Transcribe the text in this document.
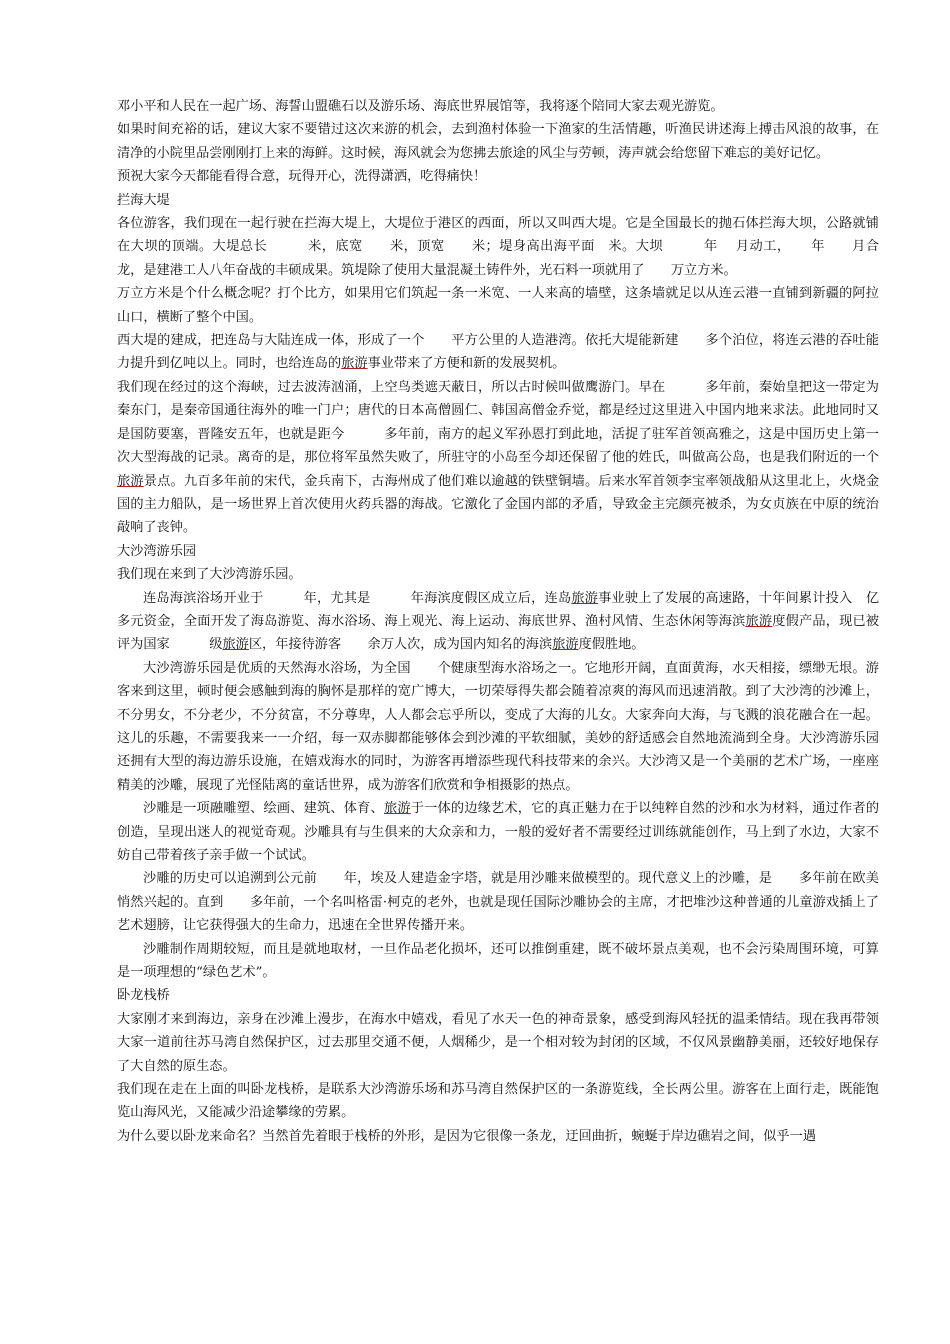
邓小平和人民在一起广场、海誓山盟礁石以及游乐场、海底世界展馆等，我将逐个陪同大家去观光游览。

如果时间充裕的话，建议大家不要错过这次来游的机会，去到渔村体验一下渔家的生活情趣，听渔民讲述海上搏击风浪的故事，在清净的小院里品尝刚刚打上来的海鲜。这时候，海风就会为您拂去旅途的风尘与劳顿，涛声就会给您留下难忘的美好记忆。

预祝大家今天都能看得合意，玩得开心，洗得潇洒，吃得痛快！

拦海大堤

各位游客，我们现在一起行驶在拦海大堤上，大堤位于港区的西面，所以又叫西大堤。它是全国最长的抛石体拦海大坝，公路就铺在大坝的顶端。大堤总长　　　米，底宽　　米，顶宽　　米；堤身高出海平面　米。大坝　　　年　 月动工，　　年　　月合龙，是建港工人八年奋战的丰硕成果。筑堤除了使用大量混凝土铸件外，光石料一项就用了　　万立方米。

万立方米是个什么概念呢？打个比方，如果用它们筑起一条一米宽、一人来高的墙壁，这条墙就足以从连云港一直铺到新疆的阿拉山口，横断了整个中国。

西大堤的建成，把连岛与大陆连成一体，形成了一个　　平方公里的人造港湾。依托大堤能新建　　多个泊位，将连云港的吞吐能力提升到亿吨以上。同时，也给连岛的旅游事业带来了方便和新的发展契机。

我们现在经过的这个海峡，过去波涛汹涌，上空鸟类遮天蔽日，所以古时候叫做鹰游门。早在　　　多年前，秦始皇把这一带定为秦东门，是秦帝国通往海外的唯一门户；唐代的日本高僧圆仁、韩国高僧金乔觉，都是经过这里进入中国内地来求法。此地同时又是国防要塞，晋隆安五年，也就是距今　　　多年前，南方的起义军孙恩打到此地，活捉了驻军首领高雅之，这是中国历史上第一次大型海战的记录。离奇的是，那位将军虽然失败了，所驻守的小岛至今却还保留了他的姓氏，叫做高公岛，也是我们附近的一个旅游景点。九百多年前的宋代，金兵南下，古海州成了他们难以逾越的铁壁铜墙。后来水军首领李宝率领战船从这里北上，火烧金国的主力船队，是一场世界上首次使用火药兵器的海战。它激化了金国内部的矛盾，导致金主完颜亮被杀，为女贞族在中原的统治敲响了丧钟。

大沙湾游乐园

我们现在来到了大沙湾游乐园。

连岛海滨浴场开业于　　　年，尤其是　　　年海滨度假区成立后，连岛旅游事业驶上了发展的高速路，十年间累计投入　亿多元资金，全面开发了海岛游览、海水浴场、海上观光、海上运动、海底世界、渔村风情、生态休闲等海滨旅游度假产品，现已被评为国家　　　级旅游区，年接待游客　　余万人次，成为国内知名的海滨旅游度假胜地。

大沙湾游乐园是优质的天然海水浴场，为全国　　个健康型海水浴场之一。它地形开阔，直面黄海，水天相接，缥缈无垠。游客来到这里，顿时便会感触到海的胸怀是那样的宽广博大，一切荣辱得失都会随着凉爽的海风而迅速消散。到了大沙湾的沙滩上，不分男女，不分老少，不分贫富，不分尊卑，人人都会忘乎所以，变成了大海的儿女。大家奔向大海，与飞溅的浪花融合在一起。这儿的乐趣，不需要我来一一介绍，每一双赤脚都能够体会到沙滩的平软细腻，美妙的舒适感会自然地流淌到全身。大沙湾游乐园还拥有大型的海边游乐设施，在嬉戏海水的同时，为游客再增添些现代科技带来的余兴。大沙湾又是一个美丽的艺术广场，一座座精美的沙雕，展现了光怪陆离的童话世界，成为游客们欣赏和争相摄影的热点。

沙雕是一项融雕塑、绘画、建筑、体育、旅游于一体的边缘艺术，它的真正魅力在于以纯粹自然的沙和水为材料，通过作者的创造，呈现出迷人的视觉奇观。沙雕具有与生俱来的大众亲和力，一般的爱好者不需要经过训练就能创作，马上到了水边，大家不妨自己带着孩子亲手做一个试试。

沙雕的历史可以追溯到公元前　　年，埃及人建造金字塔，就是用沙雕来做模型的。现代意义上的沙雕，是　　多年前在欧美悄然兴起的。直到　　多年前，一个名叫格雷·柯克的老外，也就是现任国际沙雕协会的主席，才把堆沙这种普通的儿童游戏插上了艺术翅膀，让它获得强大的生命力，迅速在全世界传播开来。

沙雕制作周期较短，而且是就地取材，一旦作品老化损坏，还可以推倒重建，既不破坏景点美观，也不会污染周围环境，可算是一项理想的“绿色艺术”。

卧龙栈桥

大家刚才来到海边，亲身在沙滩上漫步，在海水中嬉戏，看见了水天一色的神奇景象，感受到海风轻抚的温柔情结。现在我再带领大家一道前往苏马湾自然保护区，过去那里交通不便，人烟稀少，是一个相对较为封闭的区域，不仅风景幽静美丽，还较好地保存了大自然的原生态。

我们现在走在上面的叫卧龙栈桥，是联系大沙湾游乐场和苏马湾自然保护区的一条游览线，全长两公里。游客在上面行走，既能饱览山海风光，又能减少沿途攀缘的劳累。

为什么要以卧龙来命名？当然首先着眼于栈桥的外形，是因为它很像一条龙，迂回曲折，蜿蜒于岸边礁岩之间，似乎一遇
